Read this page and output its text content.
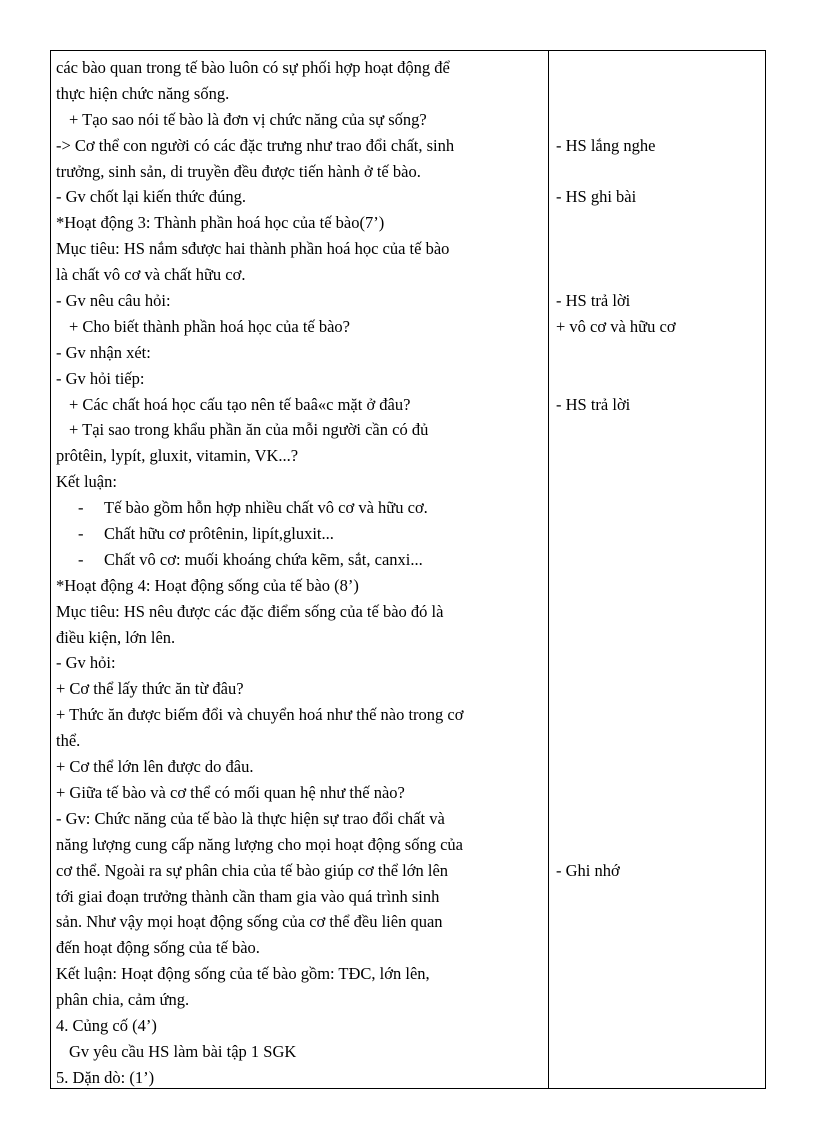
các bào quan trong tế bào luôn có sự phối hợp hoạt động để
thực hiện chức năng sống.
+ Tạo sao nói tế bào là đơn vị chức năng của sự sống?
-> Cơ thể con người có các đặc trưng như trao đổi chất, sinh
trưởng, sinh sản, di truyền đều được tiến hành ở tế bào.
- Gv chốt lại kiến thức đúng.
*Hoạt động 3: Thành phần hoá học của tế bào(7’)
Mục tiêu: HS nắm sđược hai thành phần hoá học của tế bào
là chất vô cơ và chất hữu cơ.
- Gv nêu câu hỏi:
+ Cho biết thành phần hoá học của tế bào?
- Gv nhận xét:
- Gv hỏi tiếp:
+ Các chất hoá học cấu tạo nên tế baâ«c mặt ở đâu?
+ Tại sao trong khẩu phần ăn của mỗi người cần có đủ
prôtêin, lypít, gluxit, vitamin, VK...?
Kết luận:
- Tế bào gồm hỗn hợp nhiều chất vô cơ và hữu cơ.
- Chất hữu cơ prôtênin, lipít,gluxit...
- Chất vô cơ: muối khoáng chứa kẽm, sắt, canxi...
*Hoạt động 4: Hoạt động sống của tế bào (8’)
Mục tiêu: HS nêu được các đặc điểm sống của tế bào đó là
điều kiện, lớn lên.
- Gv hỏi:
+ Cơ thể lấy thức ăn từ đâu?
+ Thức ăn được biếm đổi và chuyển hoá như thế nào trong cơ
thể.
+ Cơ thể lớn lên được do đâu.
+ Giữa tế bào và cơ thể có mối quan hệ như thế nào?
- Gv: Chức năng của tế bào là thực hiện sự trao đổi chất và
năng lượng cung cấp năng lượng cho mọi hoạt động sống của
cơ thể. Ngoài ra sự phân chia của tế bào giúp cơ thể lớn lên
tới giai đoạn trưởng thành cần tham gia vào quá trình sinh
sản. Như vậy mọi hoạt động sống của cơ thể đều liên quan
đến hoạt động sống của tế bào.
Kết luận: Hoạt động sống của tế bào gồm: TĐC, lớn lên,
phân chia, cảm ứng.
4. Củng cố (4’)
Gv yêu cầu HS làm bài tập 1 SGK
5. Dặn dò: (1’)
- HS lắng nghe
- HS ghi bài
- HS trả lời
+ vô cơ và hữu cơ
- HS trả lời
- Ghi nhớ
